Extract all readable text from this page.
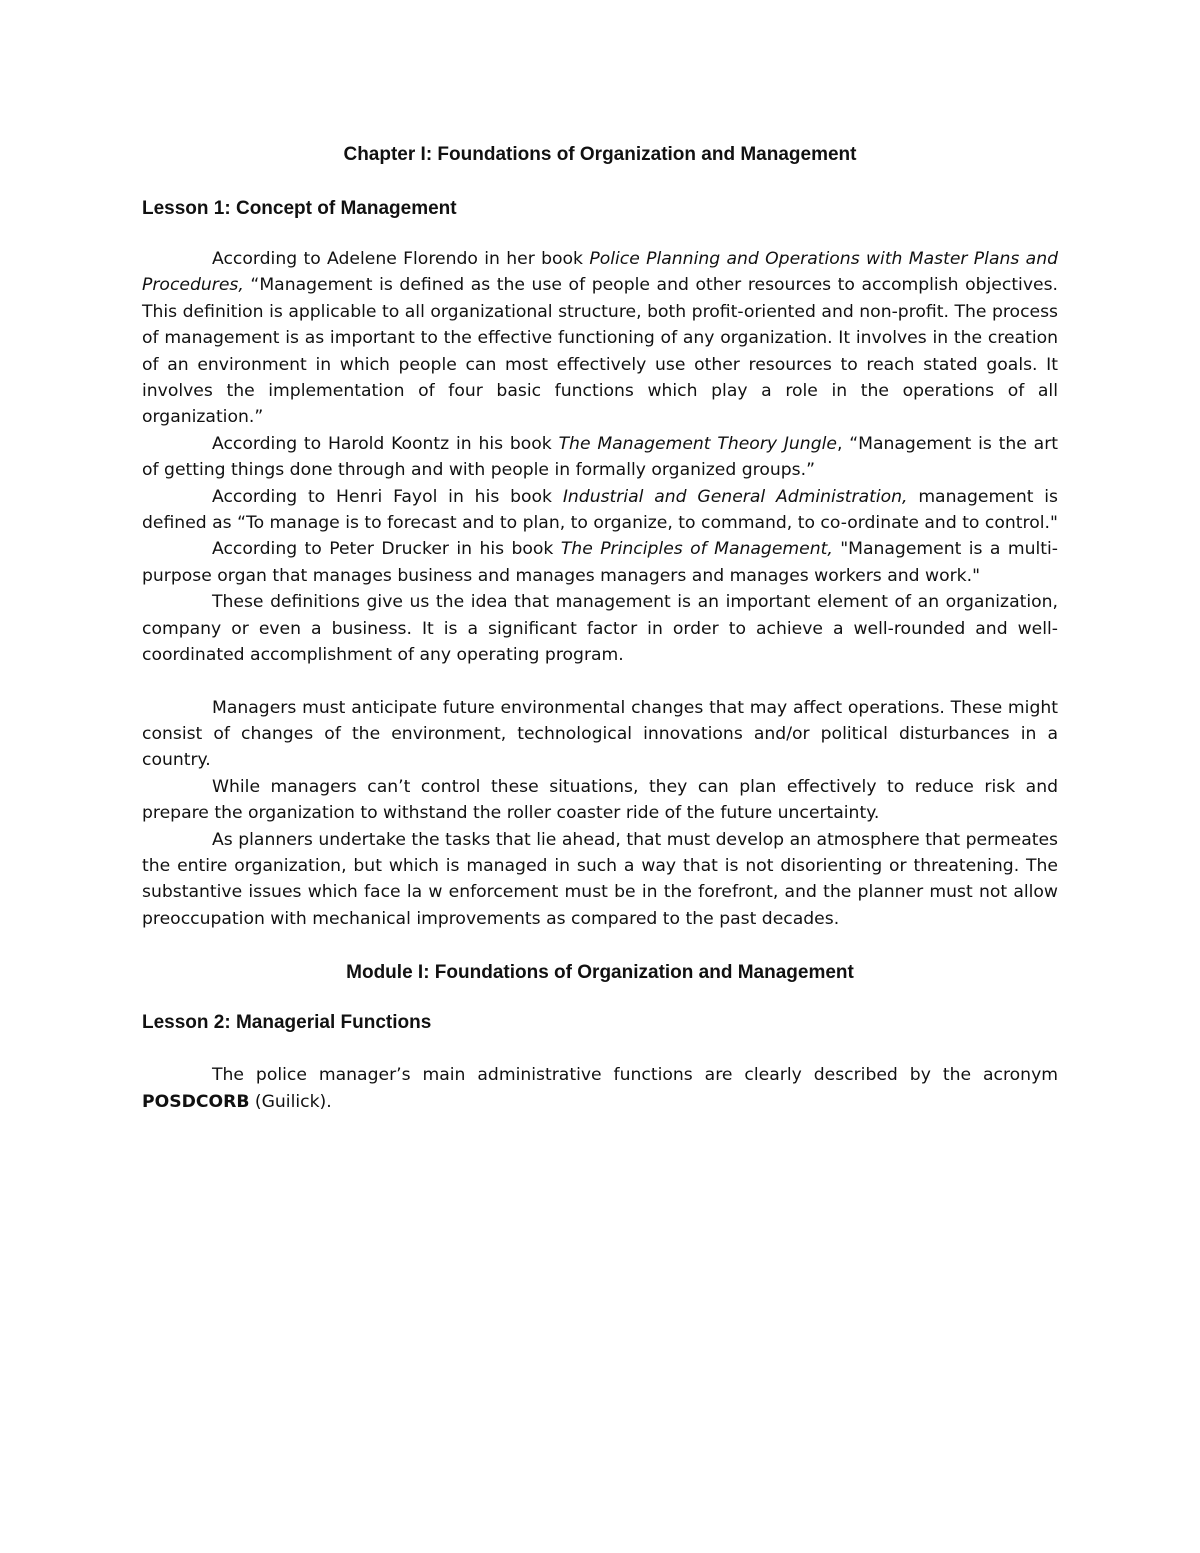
Chapter I: Foundations of Organization and Management
Lesson 1: Concept of Management

According to Adelene Florendo in her book Police Planning and Operations with Master Plans and Procedures, “Management is defined as the use of people and other resources to accomplish objectives. This definition is applicable to all organizational structure, both profit-oriented and non-profit. The process of management is as important to the effective functioning of any organization. It involves in the creation of an environment in which people can most effectively use other resources to reach stated goals. It involves the implementation of four basic functions which play a role in the operations of all organization.”

According to Harold Koontz in his book The Management Theory Jungle, “Management is the art of getting things done through and with people in formally organized groups.”

According to Henri Fayol in his book Industrial and General Administration, management is defined as “To manage is to forecast and to plan, to organize, to command, to co-ordinate and to control."

According to Peter Drucker in his book The Principles of Management, "Management is a multi-purpose organ that manages business and manages managers and manages workers and work."

These definitions give us the idea that management is an important element of an organization, company or even a business. It is a significant factor in order to achieve a well-rounded and well-coordinated accomplishment of any operating program.

Managers must anticipate future environmental changes that may affect operations. These might consist of changes of the environment, technological innovations and/or political disturbances in a country.

While managers can’t control these situations, they can plan effectively to reduce risk and prepare the organization to withstand the roller coaster ride of the future uncertainty.

As planners undertake the tasks that lie ahead, that must develop an atmosphere that permeates the entire organization, but which is managed in such a way that is not disorienting or threatening. The substantive issues which face la w enforcement must be in the forefront, and the planner must not allow preoccupation with mechanical improvements as compared to the past decades.

Module I: Foundations of Organization and Management
Lesson 2: Managerial Functions

The police manager’s main administrative functions are clearly described by the acronym POSDCORB (Guilick).
